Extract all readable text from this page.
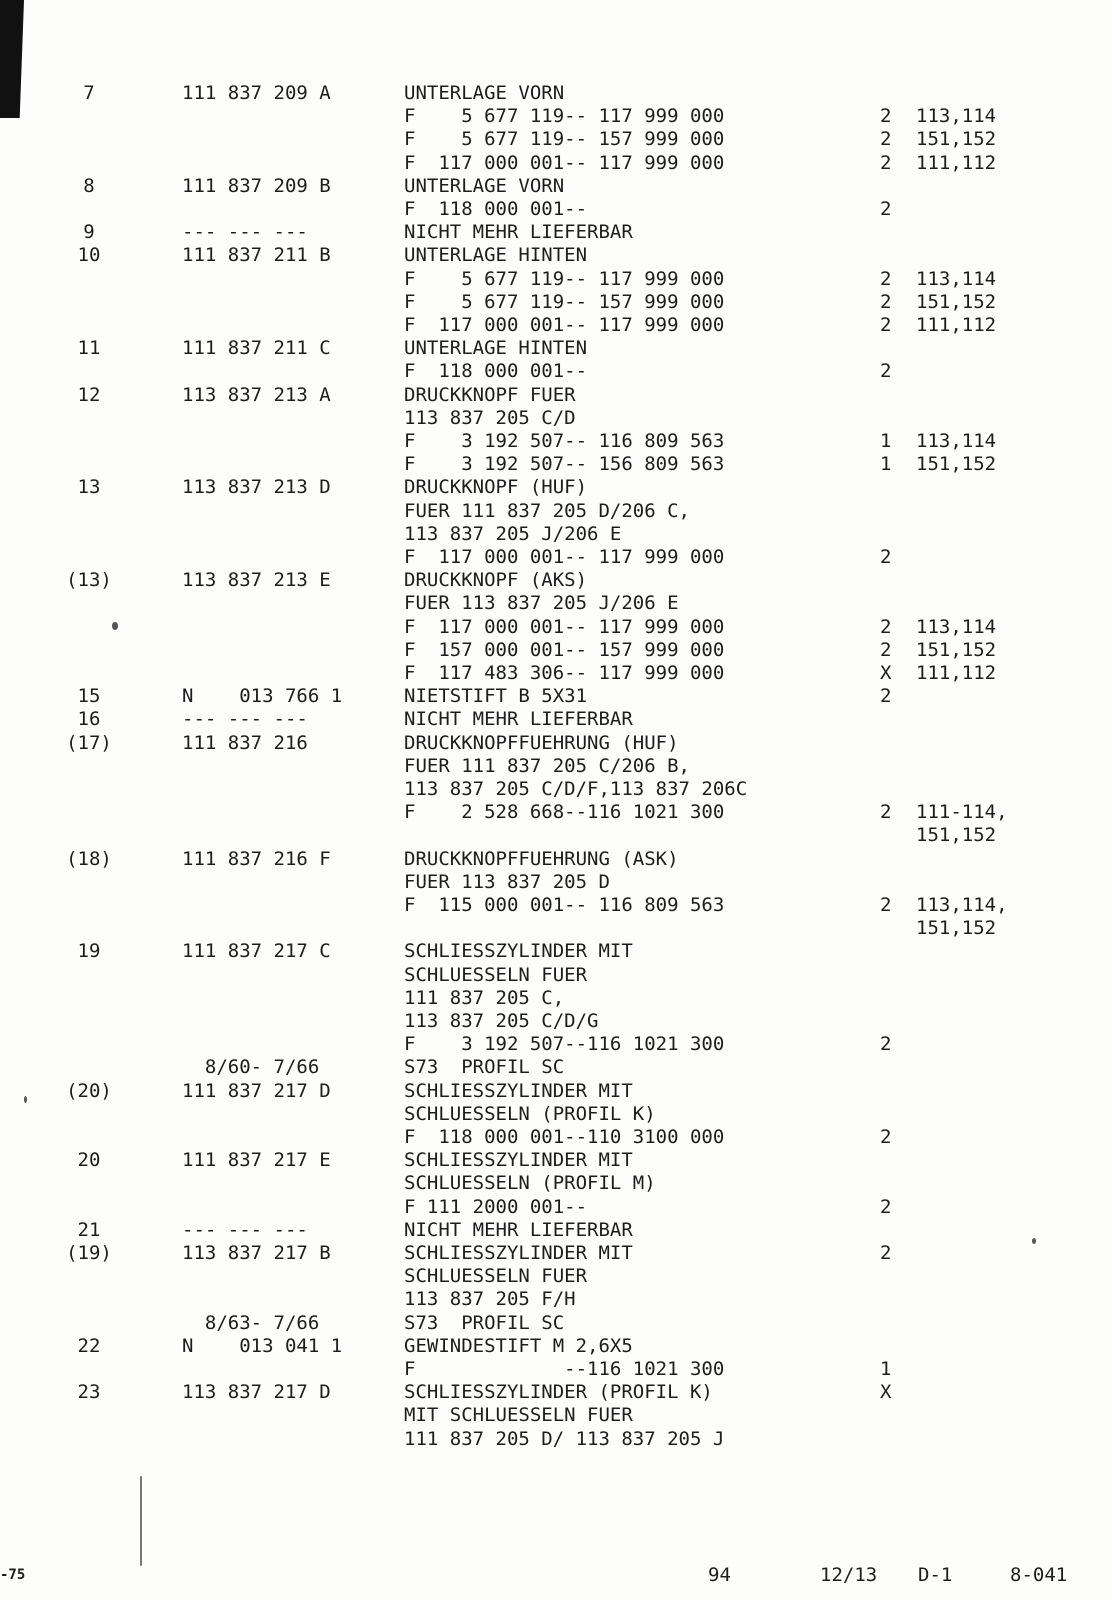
7	111 837 209 A	UNTERLAGE VORN
F    5 677 119-- 117 999 000	2 113,114
F    5 677 119-- 157 999 000	2 151,152
F  117 000 001-- 117 999 000	2 111,112
8	111 837 209 B	UNTERLAGE VORN
F  118 000 001--	2
9	--- --- ---	NICHT MEHR LIEFERBAR
10	111 837 211 B	UNTERLAGE HINTEN
F    5 677 119-- 117 999 000	2 113,114
F    5 677 119-- 157 999 000	2 151,152
F  117 000 001-- 117 999 000	2 111,112
11	111 837 211 C	UNTERLAGE HINTEN
F  118 000 001--	2
12	113 837 213 A	DRUCKKNOPF FUER
113 837 205 C/D
F    3 192 507-- 116 809 563	1 113,114
F    3 192 507-- 156 809 563	1 151,152
13	113 837 213 D	DRUCKKNOPF (HUF)
FUER 111 837 205 D/206 C,
113 837 205 J/206 E
F  117 000 001-- 117 999 000	2
(13)	113 837 213 E	DRUCKKNOPF (AKS)
FUER 113 837 205 J/206 E
F  117 000 001-- 117 999 000	2 113,114
F  157 000 001-- 157 999 000	2 151,152
F  117 483 306-- 117 999 000	X 111,112
15	N    013 766 1	NIETSTIFT B 5X31	2
16	--- --- ---	NICHT MEHR LIEFERBAR
(17)	111 837 216	DRUCKKNOPFFUEHRUNG (HUF)
FUER 111 837 205 C/206 B,
113 837 205 C/D/F,113 837 206C
F    2 528 668--116 1021 300	2 111-114,
151,152
(18)	111 837 216 F	DRUCKKNOPFFUEHRUNG (ASK)
FUER 113 837 205 D
F  115 000 001-- 116 809 563	2 113,114,
151,152
19	111 837 217 C	SCHLIESSZYLINDER MIT
SCHLUESSELN FUER
111 837 205 C,
113 837 205 C/D/G
F    3 192 507--116 1021 300	2
8/60- 7/66	S73  PROFIL SC
(20)	111 837 217 D	SCHLIESSZYLINDER MIT
SCHLUESSELN (PROFIL K)
F  118 000 001--110 3100 000	2
20	111 837 217 E	SCHLIESSZYLINDER MIT
SCHLUESSELN (PROFIL M)
F 111 2000 001--	2
21	--- --- ---	NICHT MEHR LIEFERBAR
(19)	113 837 217 B	SCHLIESSZYLINDER MIT	2
SCHLUESSELN FUER
113 837 205 F/H
8/63- 7/66	S73  PROFIL SC
22	N    013 041 1	GEWINDESTIFT M 2,6X5
F             --116 1021 300	1
23	113 837 217 D	SCHLIESSZYLINDER (PROFIL K)	X
MIT SCHLUESSELN FUER
111 837 205 D/ 113 837 205 J
-75	94	12/13 D-1	8-041
